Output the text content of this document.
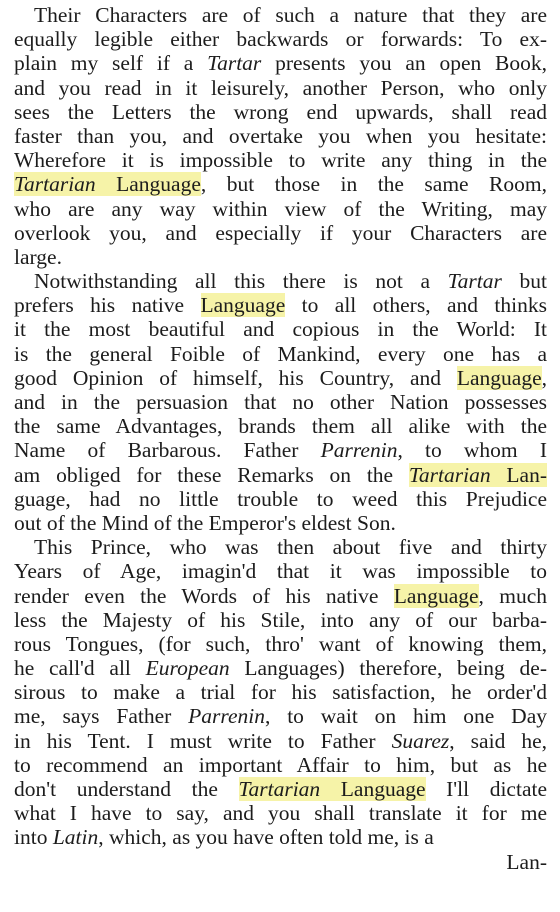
Their Characters are of such a nature that they are
equally legible either backwards or forwards: To ex-
plain my self if a Tartar presents you an open Book,
and you read in it leisurely, another Person, who only
sees the Letters the wrong end upwards, shall read
faster than you, and overtake you when you hesitate:
Wherefore it is impossible to write any thing in the
Tartarian Language, but those in the same Room,
who are any way within view of the Writing, may
overlook you, and especially if your Characters are
large.
Notwithstanding all this there is not a Tartar but
prefers his native Language to all others, and thinks
it the most beautiful and copious in the World: It
is the general Foible of Mankind, every one has a
good Opinion of himself, his Country, and Language,
and in the persuasion that no other Nation possesses
the same Advantages, brands them all alike with the
Name of Barbarous. Father Parrenin, to whom I
am obliged for these Remarks on the Tartarian Lan-
guage, had no little trouble to weed this Prejudice
out of the Mind of the Emperor's eldest Son.
This Prince, who was then about five and thirty
Years of Age, imagin'd that it was impossible to
render even the Words of his native Language, much
less the Majesty of his Stile, into any of our barba-
rous Tongues, (for such, thro' want of knowing them,
he call'd all European Languages) therefore, being de-
sirous to make a trial for his satisfaction, he order'd
me, says Father Parrenin, to wait on him one Day
in his Tent. I must write to Father Suarez, said he,
to recommend an important Affair to him, but as he
don't understand the Tartarian Language I'll dictate
what I have to say, and you shall translate it for me
into Latin, which, as you have often told me, is a
Lan-
